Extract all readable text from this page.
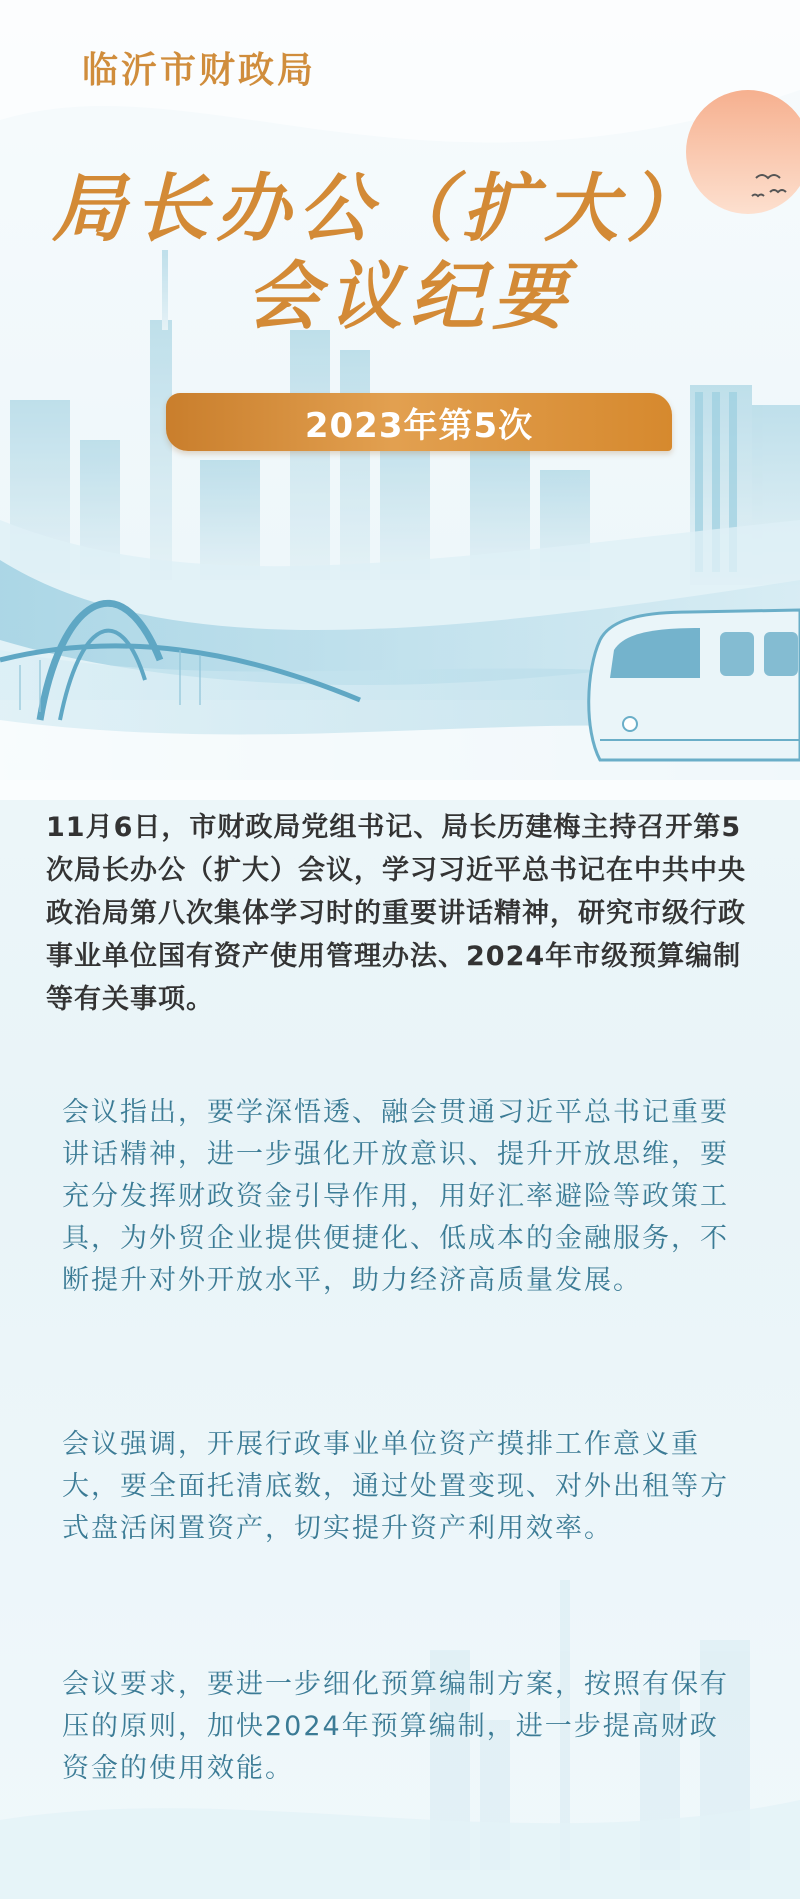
临沂市财政局
局长办公（扩大）
会议纪要
2023年第5次
11月6日，市财政局党组书记、局长历建梅主持召开第5次局长办公（扩大）会议，学习习近平总书记在中共中央政治局第八次集体学习时的重要讲话精神，研究市级行政事业单位国有资产使用管理办法、2024年市级预算编制等有关事项。
会议指出，要学深悟透、融会贯通习近平总书记重要讲话精神，进一步强化开放意识、提升开放思维，要充分发挥财政资金引导作用，用好汇率避险等政策工具，为外贸企业提供便捷化、低成本的金融服务，不断提升对外开放水平，助力经济高质量发展。
会议强调，开展行政事业单位资产摸排工作意义重大，要全面托清底数，通过处置变现、对外出租等方式盘活闲置资产，切实提升资产利用效率。
会议要求，要进一步细化预算编制方案，按照有保有压的原则，加快2024年预算编制，进一步提高财政资金的使用效能。
